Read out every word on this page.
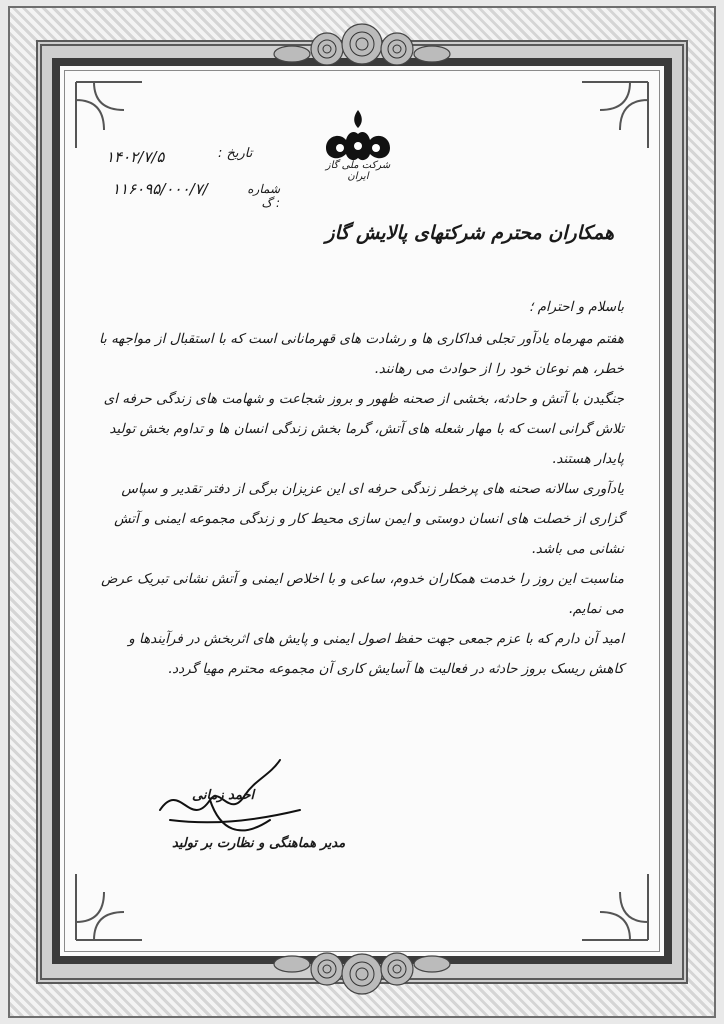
شرکت ملی گاز ایران
۱۴۰۲/۷/۵	تاریخ :
۱۱۶۰۹۵/۰۰۰/۷/	شماره : گ
همکاران محترم شرکتهای پالایش گاز

باسلام و احترام ؛

هفتم مهرماه یادآور تجلی فداکاری ها و رشادت های قهرمانانی است که با استقبال از مواجهه با خطر، هم نوعان خود را از حوادث می رهانند.

جنگیدن با آتش و حادثه، بخشی از صحنه ظهور و بروز شجاعت و شهامت های زندگی حرفه ای تلاش گرانی است که با مهار شعله های آتش، گرما بخش زندگی انسان ها و تداوم بخش تولید پایدار هستند.

یادآوری سالانه صحنه های پرخطر زندگی حرفه ای این عزیزان برگی از دفتر تقدیر و سپاس گزاری از خصلت های انسان دوستی و ایمن سازی محیط کار و زندگی مجموعه ایمنی و آتش نشانی می باشد.

مناسبت این روز را خدمت همکاران خدوم، ساعی و با اخلاص ایمنی و آتش نشانی تبریک عرض می نمایم.

امید آن دارم که با عزم جمعی جهت حفظ اصول ایمنی و پایش های اثربخش در فرآیندها و کاهش ریسک بروز حادثه در فعالیت ها آسایش کاری آن مجموعه محترم مهیا گردد.

احمد زمانی
مدیر هماهنگی و نظارت بر تولید
